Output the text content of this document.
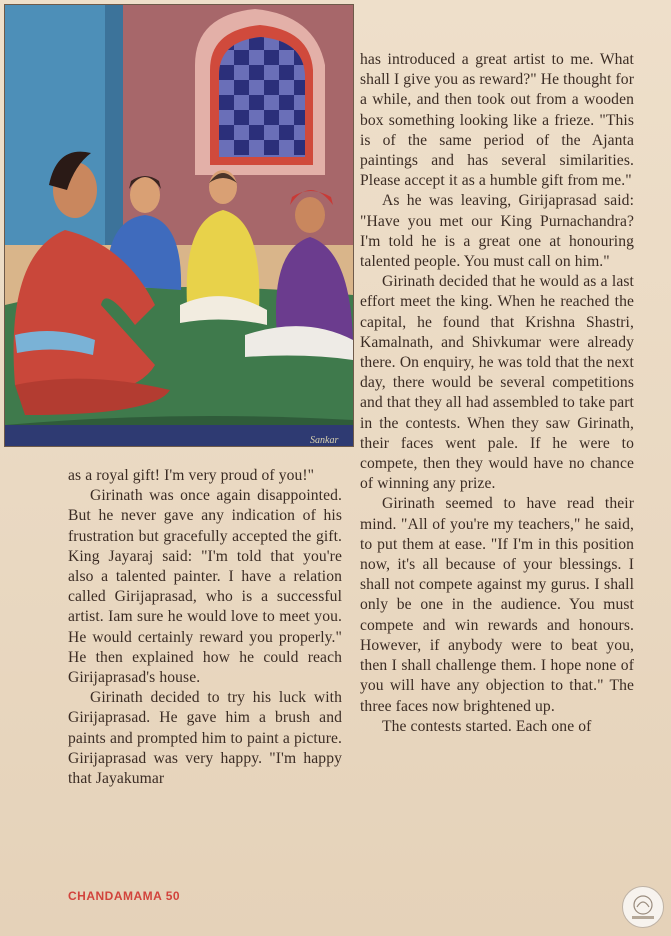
Sankar

as a royal gift! I'm very proud of you!"

Girinath was once again disappointed. But he never gave any indication of his frustration but gracefully accepted the gift. King Jayaraj said: "I'm told that you're also a talented painter. I have a relation called Girijaprasad, who is a successful artist. Iam sure he would love to meet you. He would certainly reward you properly." He then explained how he could reach Girijaprasad's house.

Girinath decided to try his luck with Girijaprasad. He gave him a brush and paints and prompted him to paint a picture. Girijaprasad was very happy. "I'm happy that Jayakumar

has introduced a great artist to me. What shall I give you as reward?" He thought for a while, and then took out from a wooden box something looking like a frieze. "This is of the same period of the Ajanta paintings and has several similarities. Please accept it as a humble gift from me."

As he was leaving, Girijaprasad said: "Have you met our King Purnachandra? I'm told he is a great one at honouring talented people. You must call on him."

Girinath decided that he would as a last effort meet the king. When he reached the capital, he found that Krishna Shastri, Kamalnath, and Shivkumar were already there. On enquiry, he was told that the next day, there would be several competitions and that they all had assembled to take part in the contests. When they saw Girinath, their faces went pale. If he were to compete, then they would have no chance of winning any prize.

Girinath seemed to have read their mind. "All of you're my teachers," he said, to put them at ease. "If I'm in this position now, it's all because of your blessings. I shall not compete against my gurus. I shall only be one in the audience. You must compete and win rewards and honours. However, if anybody were to beat you, then I shall challenge them. I hope none of you will have any objection to that." The three faces now brightened up.

The contests started. Each one of

CHANDAMAMA 50
